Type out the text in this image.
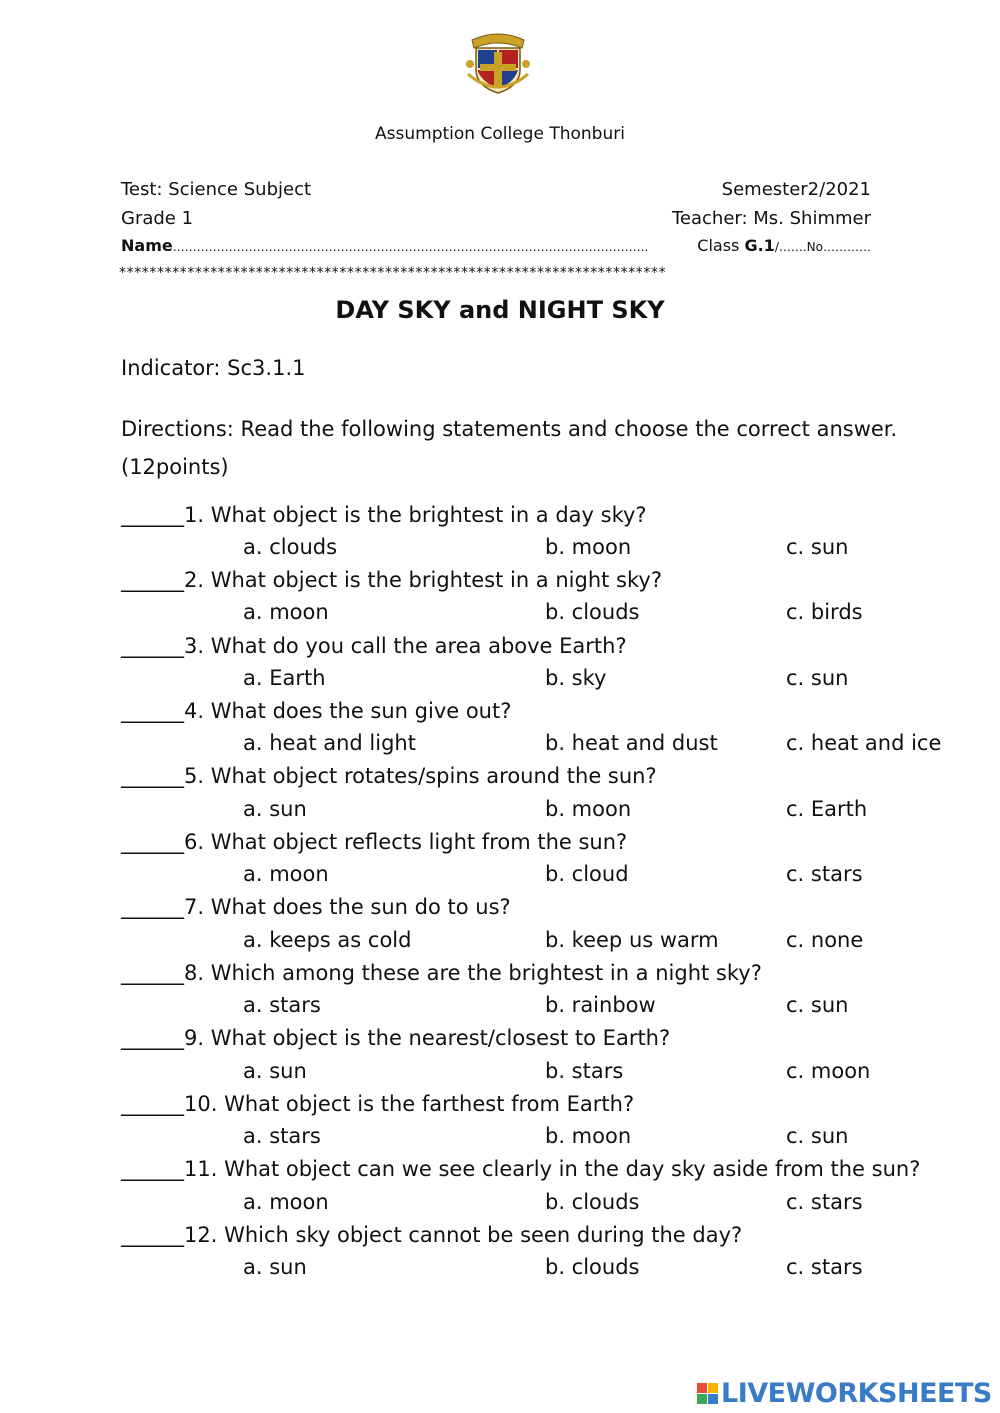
Assumption College Thonburi
Test: Science Subject	Semester2/2021
Grade 1	Teacher: Ms. Shimmer
Name………………………………………………………………………………………………………..	Class G.1/…….No…………
************************************************************************
DAY SKY and NIGHT SKY
Indicator: Sc3.1.1
Directions: Read the following statements and choose the correct answer. (12points)
______1. What object is the brightest in a day sky?
a. clouds	b. moon	c. sun
______2. What object is the brightest in a night sky?
a. moon	b. clouds	c. birds
______3. What do you call the area above Earth?
a. Earth	b. sky	c. sun
______4. What does the sun give out?
a. heat and light	b. heat and dust	c. heat and ice
______5. What object rotates/spins around the sun?
a. sun	b. moon	c. Earth
______6. What object reflects light from the sun?
a. moon	b. cloud	c. stars
______7. What does the sun do to us?
a. keeps as cold	b. keep us warm	c. none
______8. Which among these are the brightest in a night sky?
a. stars	b. rainbow	c. sun
______9. What object is the nearest/closest to Earth?
a. sun	b. stars	c. moon
______10. What object is the farthest from Earth?
a. stars	b. moon	c. sun
______11. What object can we see clearly in the day sky aside from the sun?
a. moon	b. clouds	c. stars
______12. Which sky object cannot be seen during the day?
a. sun	b. clouds	c. stars
LIVEWORKSHEETS
